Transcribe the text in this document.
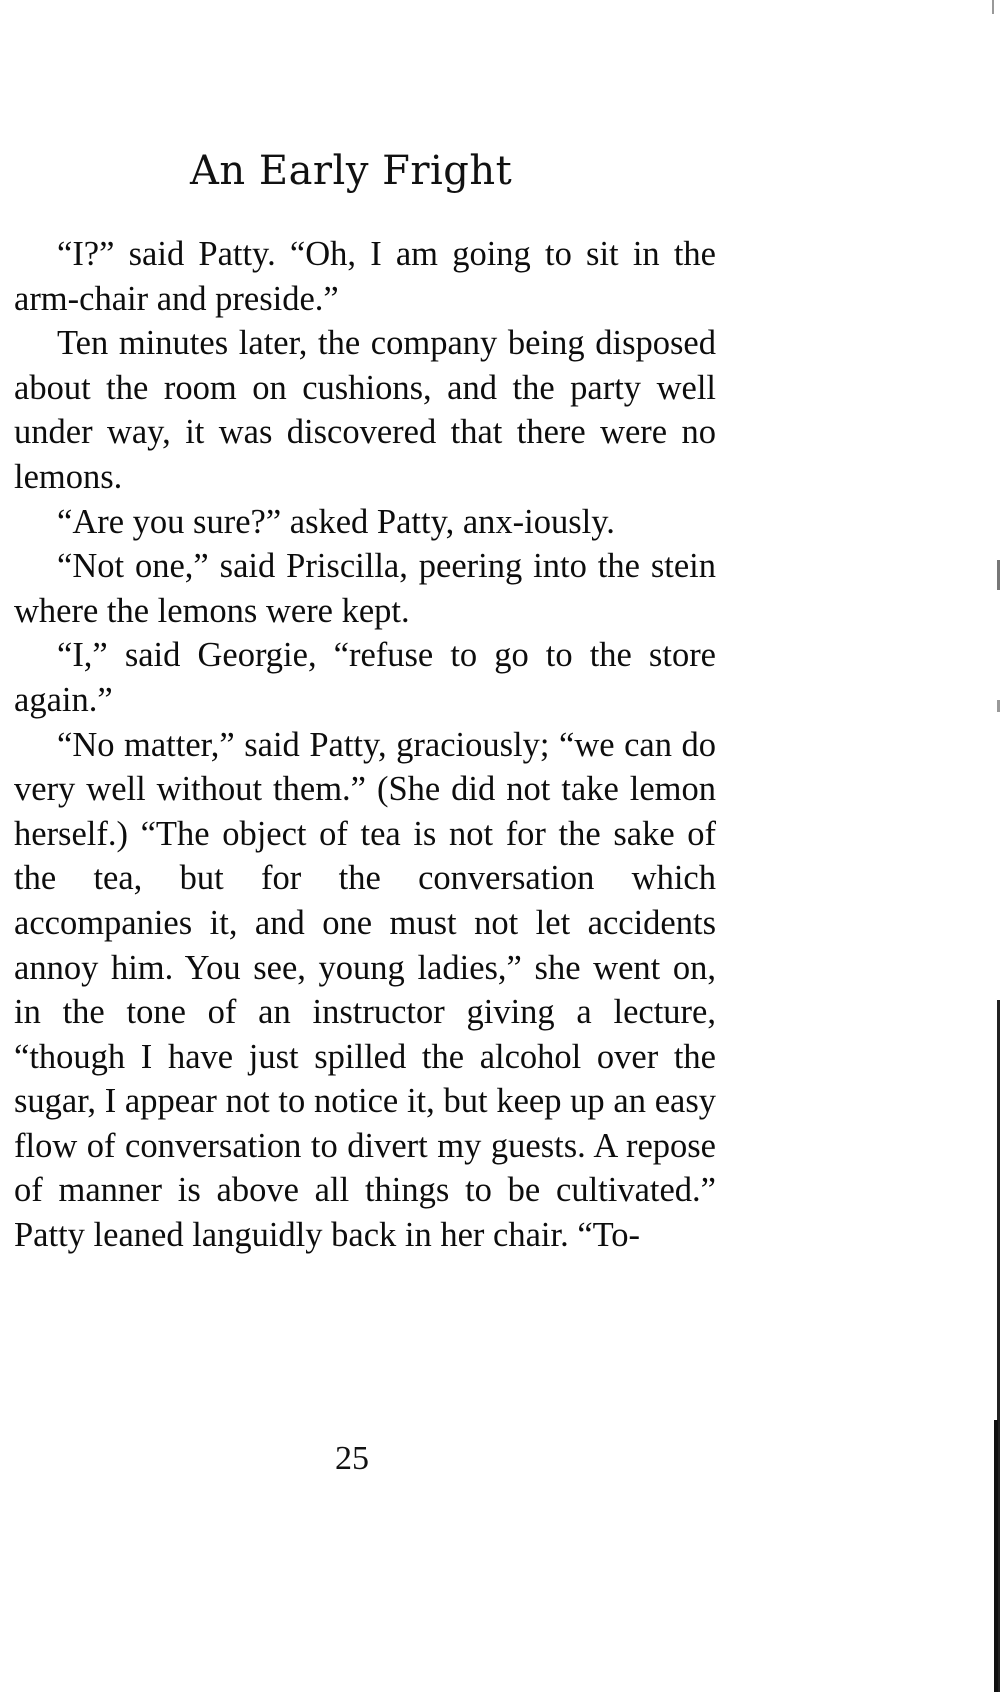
An Early Fright

“I?” said Patty. “Oh, I am going to sit in the arm-chair and preside.”

Ten minutes later, the company being disposed about the room on cushions, and the party well under way, it was discovered that there were no lemons.

“Are you sure?” asked Patty, anx-iously.

“Not one,” said Priscilla, peering into the stein where the lemons were kept.

“I,” said Georgie, “refuse to go to the store again.”

“No matter,” said Patty, graciously; “we can do very well without them.” (She did not take lemon herself.) “The object of tea is not for the sake of the tea, but for the conversation which accompanies it, and one must not let accidents annoy him. You see, young ladies,” she went on, in the tone of an instructor giving a lecture, “though I have just spilled the alcohol over the sugar, I appear not to notice it, but keep up an easy flow of conversation to divert my guests. A repose of manner is above all things to be cultivated.” Patty leaned languidly back in her chair. “To-

25
